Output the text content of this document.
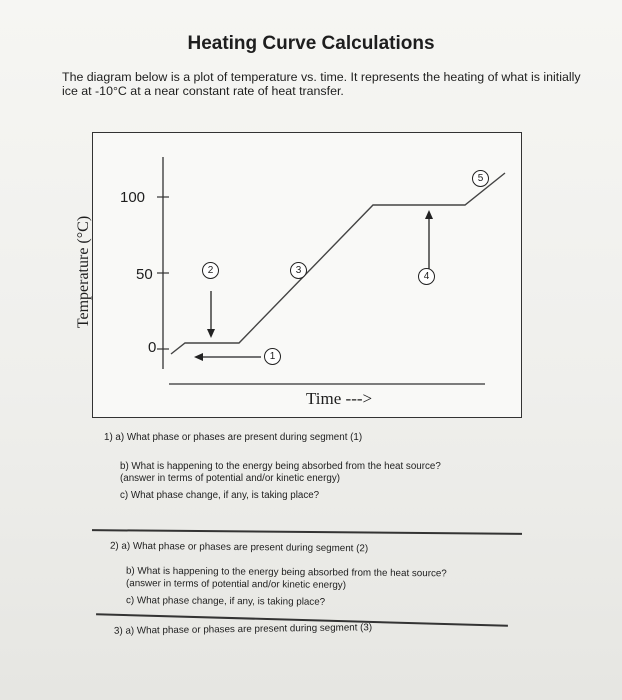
Heating Curve Calculations
The diagram below is a plot of temperature vs. time. It represents the heating of what is initially ice at -10°C at a near constant rate of heat transfer.
Temperature (°C)
100
50
0
Time --->
1
2	3
4
5
1) a) What phase or phases are present during segment (1)
b) What is happening to the energy being absorbed from the heat source?
(answer in terms of potential and/or kinetic energy)
c) What phase change, if any, is taking place?
2) a) What phase or phases are present during segment (2)
b) What is happening to the energy being absorbed from the heat source?
(answer in terms of potential and/or kinetic energy)
c) What phase change, if any, is taking place?
3) a) What phase or phases are present during segment (3)
